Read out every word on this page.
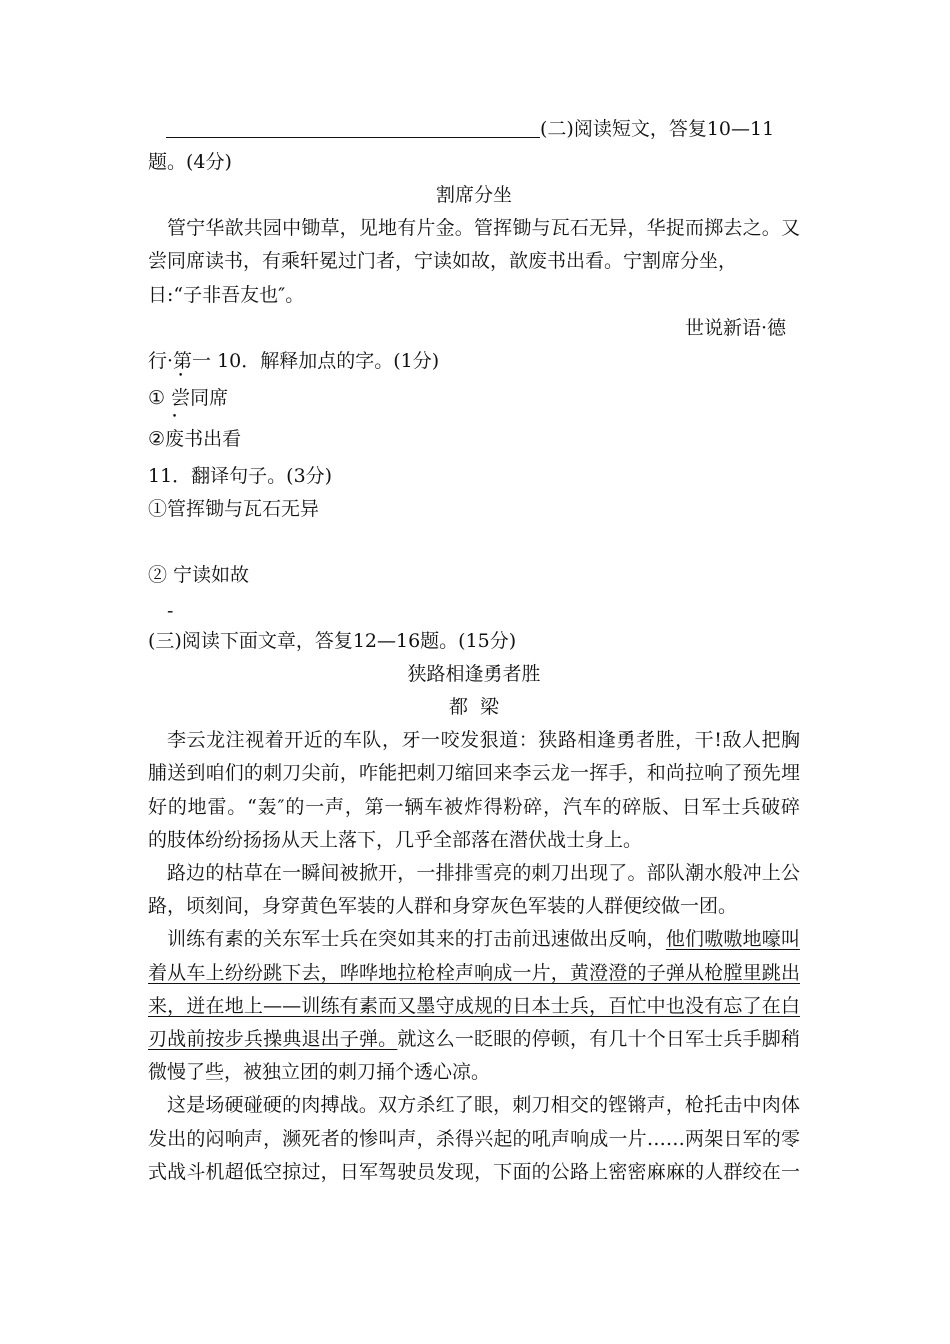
(二)阅读短文，答复10—11
题。(4分)
割席分坐
管宁华歆共园中锄草，见地有片金。管挥锄与瓦石无异，华捉而掷去之。又
尝同席读书，有乘轩冕过门者，宁读如故，歆废书出看。宁割席分坐，
日:“子非吾友也″。
世说新语·德
行·第一 10．解释加点的字。(1分)
① 尝同席
②废书出看
11．翻译句子。(3分)
①管挥锄与瓦石无异
② 宁读如故
-
(三)阅读下面文章，答复12—16题。(15分)
狭路相逢勇者胜
都  梁
李云龙注视着开近的车队，牙一咬发狠道：狭路相逢勇者胜，干!敌人把胸
脯送到咱们的刺刀尖前，咋能把刺刀缩回来李云龙一挥手，和尚拉响了预先埋
好的地雷。“轰″的一声，第一辆车被炸得粉碎，汽车的碎版、日军士兵破碎
的肢体纷纷扬扬从天上落下，几乎全部落在潜伏战士身上。
路边的枯草在一瞬间被掀开，一排排雪亮的刺刀出现了。部队潮水般冲上公
路，顷刻间，身穿黄色军装的人群和身穿灰色军装的人群便绞做一团。
训练有素的关东军士兵在突如其来的打击前迅速做出反响，他们嗷嗷地嚎叫
着从车上纷纷跳下去，哗哗地拉枪栓声响成一片，黄澄澄的子弹从枪膛里跳出
来，迸在地上——训练有素而又墨守成规的日本士兵，百忙中也没有忘了在白
刃战前按步兵操典退出子弹。就这么一眨眼的停顿，有几十个日军士兵手脚稍
微慢了些，被独立团的刺刀捅个透心凉。
这是场硬碰硬的肉搏战。双方杀红了眼，刺刀相交的铿锵声，枪托击中肉体
发出的闷响声，濒死者的惨叫声，杀得兴起的吼声响成一片……两架日军的零
式战斗机超低空掠过，日军驾驶员发现，下面的公路上密密麻麻的人群绞在一
